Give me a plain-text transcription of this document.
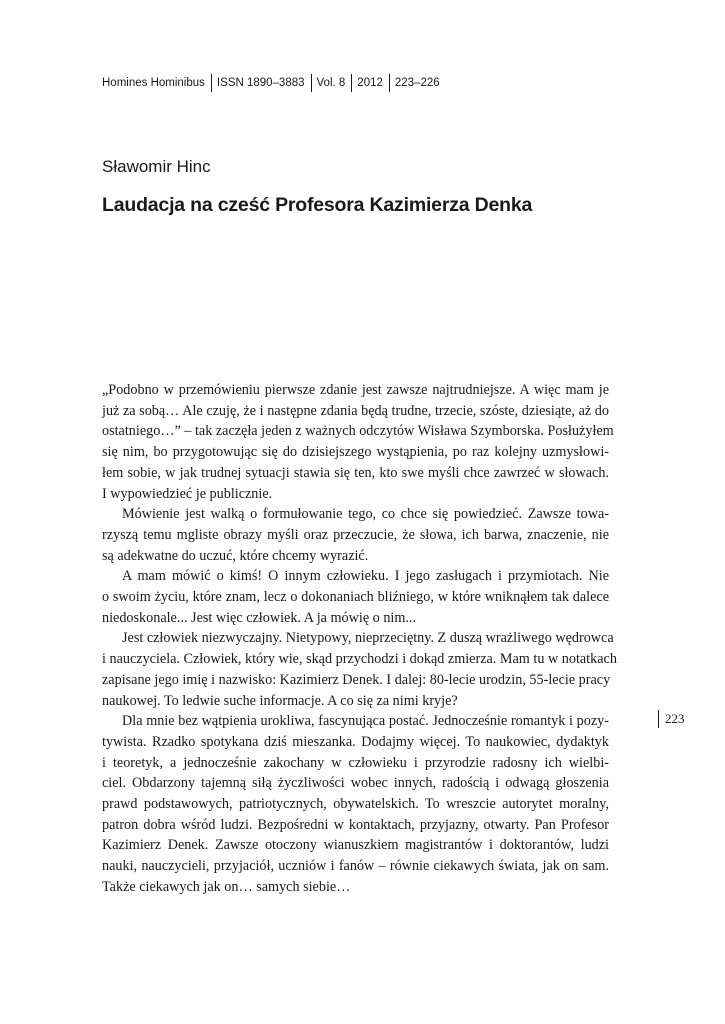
Homines Hominibus ISSN 1890–3883 Vol. 8 2012 223–226
Sławomir Hinc
Laudacja na cześć Profesora Kazimierza Denka

„Podobno w przemówieniu pierwsze zdanie jest zawsze najtrudniejsze. A więc mam je
już za sobą… Ale czuję, że i następne zdania będą trudne, trzecie, szóste, dziesiąte, aż do
ostatniego…” – tak zaczęła jeden z ważnych odczytów Wisława Szymborska. Posłużyłem
się nim, bo przygotowując się do dzisiejszego wystąpienia, po raz kolejny uzmysłowi-
łem sobie, w jak trudnej sytuacji stawia się ten, kto swe myśli chce zawrzeć w słowach.
I wypowiedzieć je publicznie.

Mówienie jest walką o formułowanie tego, co chce się powiedzieć. Zawsze towa-
rzyszą temu mgliste obrazy myśli oraz przeczucie, że słowa, ich barwa, znaczenie, nie
są adekwatne do uczuć, które chcemy wyrazić.

A mam mówić o kimś! O innym człowieku. I jego zasługach i przymiotach. Nie
o swoim życiu, które znam, lecz o dokonaniach bliźniego, w które wniknąłem tak dalece
niedoskonale... Jest więc człowiek. A ja mówię o nim...

Jest człowiek niezwyczajny. Nietypowy, nieprzeciętny. Z duszą wrażliwego wędrowca
i nauczyciela. Człowiek, który wie, skąd przychodzi i dokąd zmierza. Mam tu w notatkach
zapisane jego imię i nazwisko: Kazimierz Denek. I dalej: 80-lecie urodzin, 55-lecie pracy
naukowej. To ledwie suche informacje. A co się za nimi kryje?

Dla mnie bez wątpienia urokliwa, fascynująca postać. Jednocześnie romantyk i pozy-
tywista. Rzadko spotykana dziś mieszanka. Dodajmy więcej. To naukowiec, dydaktyk
i teoretyk, a jednocześnie zakochany w człowieku i przyrodzie radosny ich wielbi-
ciel. Obdarzony tajemną siłą życzliwości wobec innych, radością i odwagą głoszenia
prawd podstawowych, patriotycznych, obywatelskich. To wreszcie autorytet moralny,
patron dobra wśród ludzi. Bezpośredni w kontaktach, przyjazny, otwarty. Pan Profesor
Kazimierz Denek. Zawsze otoczony wianuszkiem magistrantów i doktorantów, ludzi
nauki, nauczycieli, przyjaciół, uczniów i fanów – równie ciekawych świata, jak on sam.
Także ciekawych jak on… samych siebie…

223
